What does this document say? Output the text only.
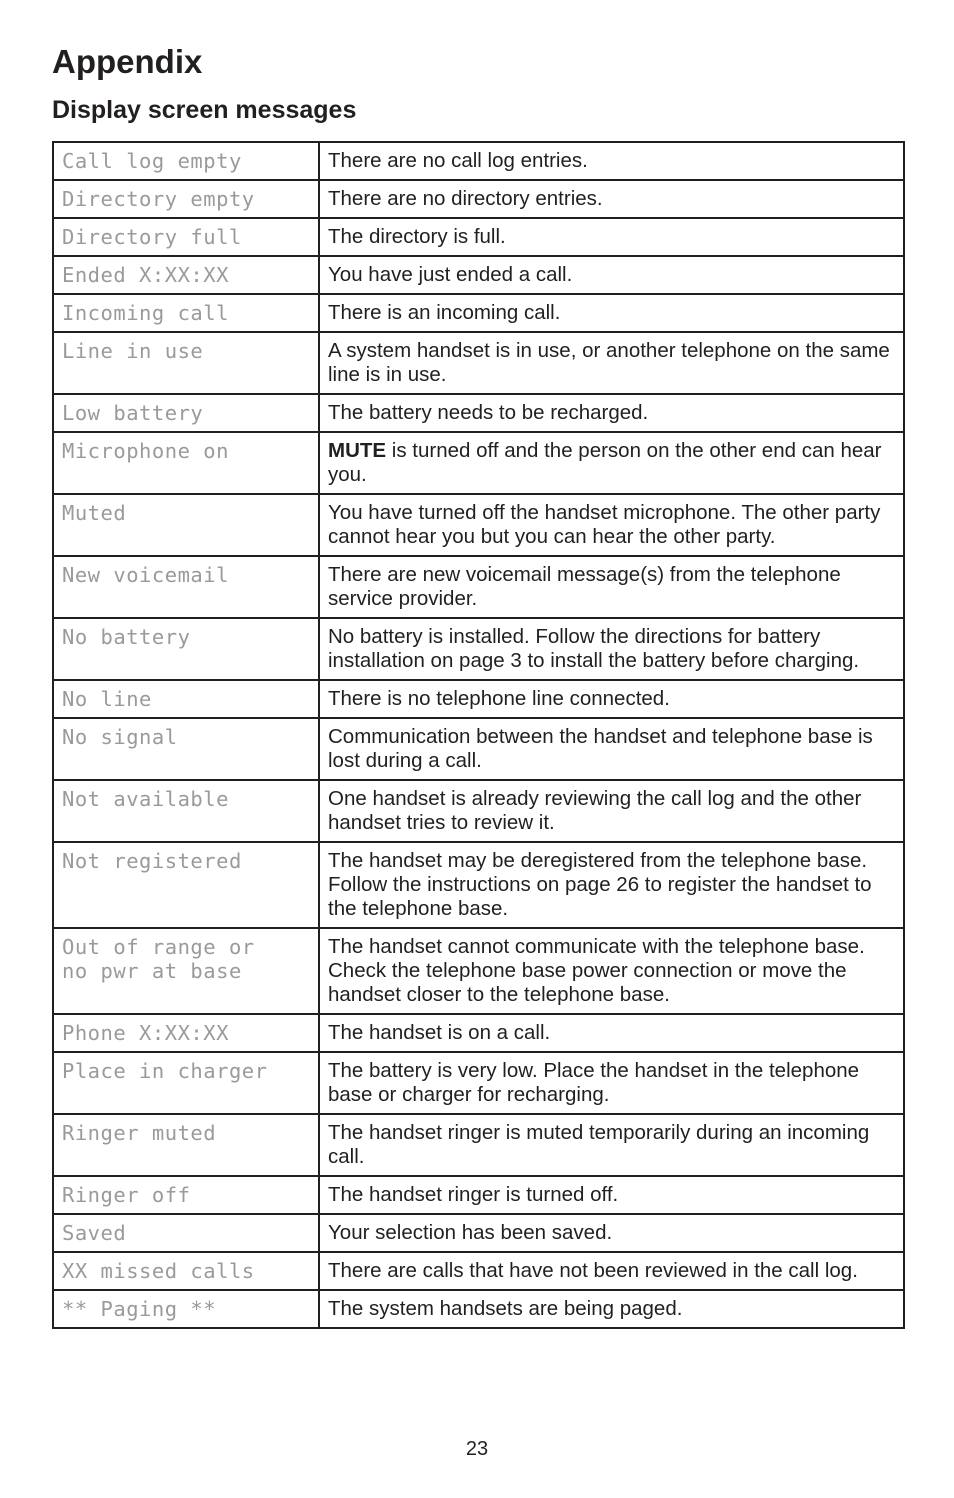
Appendix
Display screen messages
Call log empty	There are no call log entries.
Directory empty	There are no directory entries.
Directory full	The directory is full.
Ended X:XX:XX	You have just ended a call.
Incoming call	There is an incoming call.
Line in use	A system handset is in use, or another telephone on the same line is in use.
Low battery	The battery needs to be recharged.
Microphone on	MUTE is turned off and the person on the other end can hear you.
Muted	You have turned off the handset microphone. The other party cannot hear you but you can hear the other party.
New voicemail	There are new voicemail message(s) from the telephone service provider.
No battery	No battery is installed. Follow the directions for battery installation on page 3 to install the battery before charging.
No line	There is no telephone line connected.
No signal	Communication between the handset and telephone base is lost during a call.
Not available	One handset is already reviewing the call log and the other handset tries to review it.
Not registered	The handset may be deregistered from the telephone base. Follow the instructions on page 26 to register the handset to the telephone base.
Out of range or
no pwr at base	The handset cannot communicate with the telephone base. Check the telephone base power connection or move the handset closer to the telephone base.
Phone X:XX:XX	The handset is on a call.
Place in charger	The battery is very low. Place the handset in the telephone base or charger for recharging.
Ringer muted	The handset ringer is muted temporarily during an incoming call.
Ringer off	The handset ringer is turned off.
Saved	Your selection has been saved.
XX missed calls	There are calls that have not been reviewed in the call log.
** Paging **	The system handsets are being paged.
23
